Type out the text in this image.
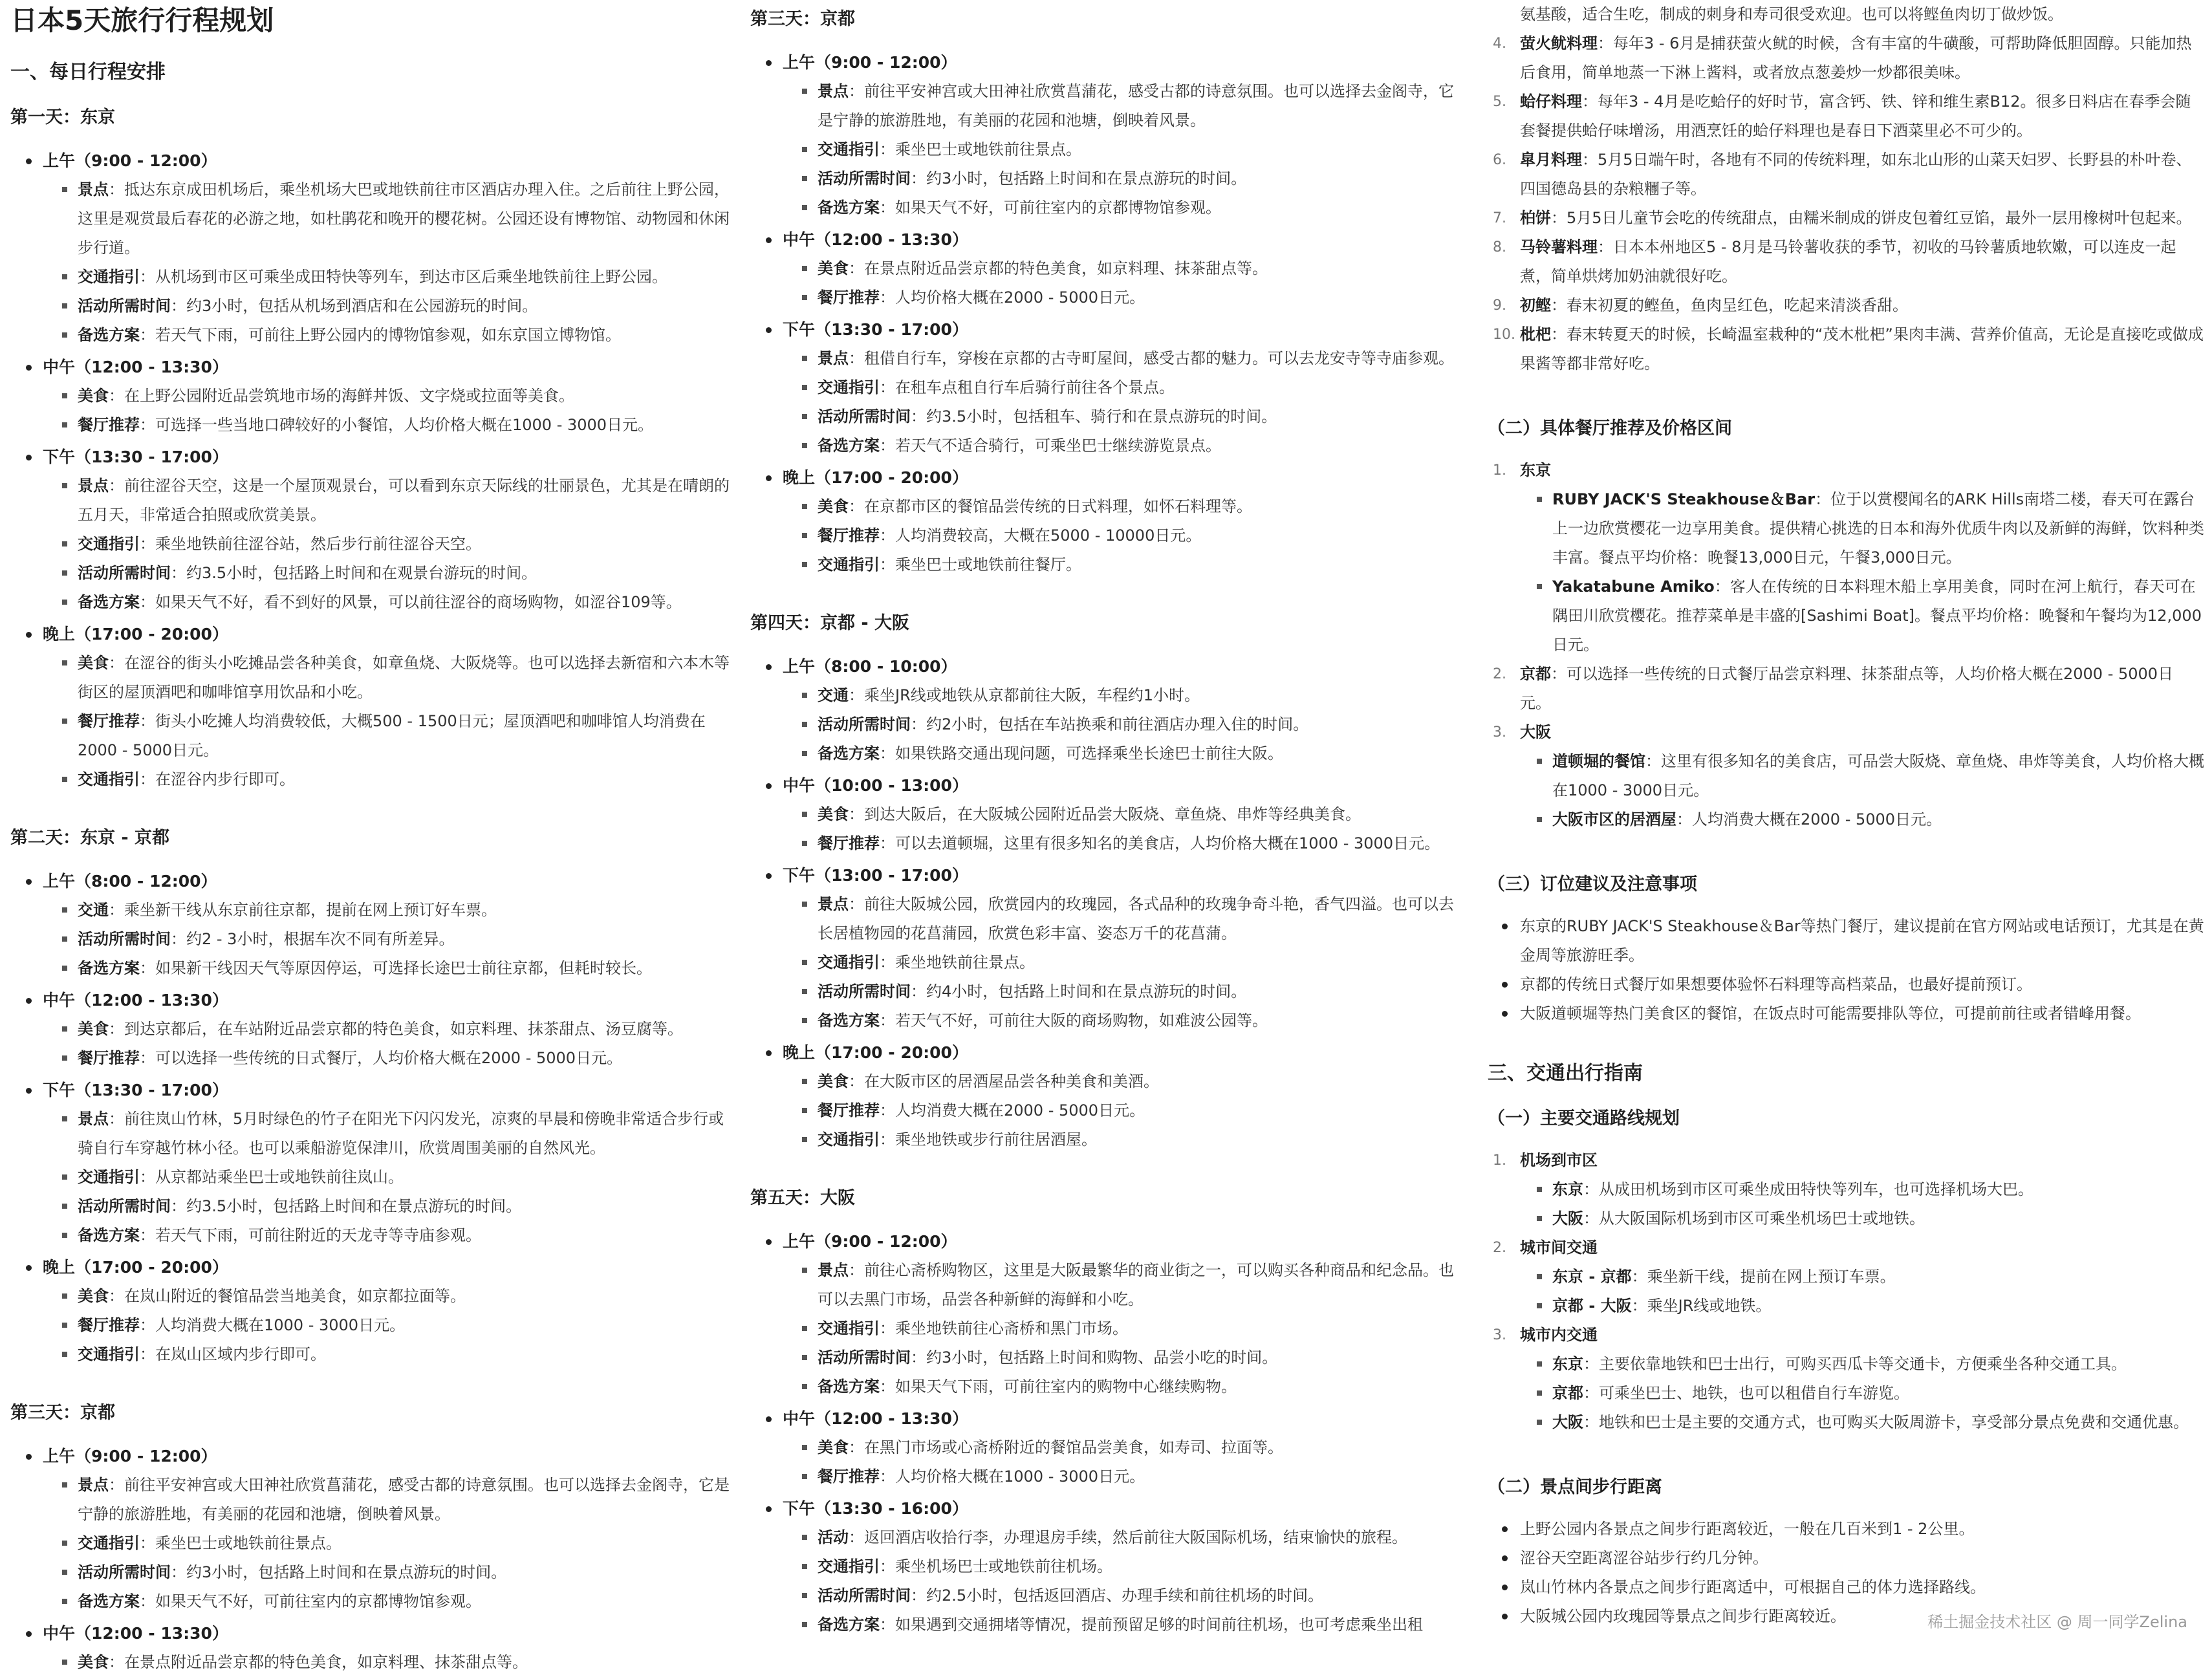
日本5天旅行行程规划
一、每日行程安排
第一天：东京
上午（9:00 - 12:00）
景点：抵达东京成田机场后，乘坐机场大巴或地铁前往市区酒店办理入住。之后前往上野公园，这里是观赏最后春花的必游之地，如杜鹃花和晚开的樱花树。公园还设有博物馆、动物园和休闲步行道。
交通指引：从机场到市区可乘坐成田特快等列车，到达市区后乘坐地铁前往上野公园。
活动所需时间：约3小时，包括从机场到酒店和在公园游玩的时间。
备选方案：若天气下雨，可前往上野公园内的博物馆参观，如东京国立博物馆。
中午（12:00 - 13:30）
美食：在上野公园附近品尝筑地市场的海鲜丼饭、文字烧或拉面等美食。
餐厅推荐：可选择一些当地口碑较好的小餐馆，人均价格大概在1000 - 3000日元。
下午（13:30 - 17:00）
景点：前往涩谷天空，这是一个屋顶观景台，可以看到东京天际线的壮丽景色，尤其是在晴朗的五月天，非常适合拍照或欣赏美景。
交通指引：乘坐地铁前往涩谷站，然后步行前往涩谷天空。
活动所需时间：约3.5小时，包括路上时间和在观景台游玩的时间。
备选方案：如果天气不好，看不到好的风景，可以前往涩谷的商场购物，如涩谷109等。
晚上（17:00 - 20:00）
美食：在涩谷的街头小吃摊品尝各种美食，如章鱼烧、大阪烧等。也可以选择去新宿和六本木等街区的屋顶酒吧和咖啡馆享用饮品和小吃。
餐厅推荐：街头小吃摊人均消费较低，大概500 - 1500日元；屋顶酒吧和咖啡馆人均消费在2000 - 5000日元。
交通指引：在涩谷内步行即可。
第二天：东京 - 京都
上午（8:00 - 12:00）
交通：乘坐新干线从东京前往京都，提前在网上预订好车票。
活动所需时间：约2 - 3小时，根据车次不同有所差异。
备选方案：如果新干线因天气等原因停运，可选择长途巴士前往京都，但耗时较长。
中午（12:00 - 13:30）
美食：到达京都后，在车站附近品尝京都的特色美食，如京料理、抹茶甜点、汤豆腐等。
餐厅推荐：可以选择一些传统的日式餐厅，人均价格大概在2000 - 5000日元。
下午（13:30 - 17:00）
景点：前往岚山竹林，5月时绿色的竹子在阳光下闪闪发光，凉爽的早晨和傍晚非常适合步行或骑自行车穿越竹林小径。也可以乘船游览保津川，欣赏周围美丽的自然风光。
交通指引：从京都站乘坐巴士或地铁前往岚山。
活动所需时间：约3.5小时，包括路上时间和在景点游玩的时间。
备选方案：若天气下雨，可前往附近的天龙寺等寺庙参观。
晚上（17:00 - 20:00）
美食：在岚山附近的餐馆品尝当地美食，如京都拉面等。
餐厅推荐：人均消费大概在1000 - 3000日元。
交通指引：在岚山区域内步行即可。
第三天：京都
上午（9:00 - 12:00）
景点：前往平安神宫或大田神社欣赏菖蒲花，感受古都的诗意氛围。也可以选择去金阁寺，它是宁静的旅游胜地，有美丽的花园和池塘，倒映着风景。
交通指引：乘坐巴士或地铁前往景点。
活动所需时间：约3小时，包括路上时间和在景点游玩的时间。
备选方案：如果天气不好，可前往室内的京都博物馆参观。
中午（12:00 - 13:30）
美食：在景点附近品尝京都的特色美食，如京料理、抹茶甜点等。
第三天：京都
上午（9:00 - 12:00）
景点：前往平安神宫或大田神社欣赏菖蒲花，感受古都的诗意氛围。也可以选择去金阁寺，它是宁静的旅游胜地，有美丽的花园和池塘，倒映着风景。
交通指引：乘坐巴士或地铁前往景点。
活动所需时间：约3小时，包括路上时间和在景点游玩的时间。
备选方案：如果天气不好，可前往室内的京都博物馆参观。
中午（12:00 - 13:30）
美食：在景点附近品尝京都的特色美食，如京料理、抹茶甜点等。
餐厅推荐：人均价格大概在2000 - 5000日元。
下午（13:30 - 17:00）
景点：租借自行车，穿梭在京都的古寺町屋间，感受古都的魅力。可以去龙安寺等寺庙参观。
交通指引：在租车点租自行车后骑行前往各个景点。
活动所需时间：约3.5小时，包括租车、骑行和在景点游玩的时间。
备选方案：若天气不适合骑行，可乘坐巴士继续游览景点。
晚上（17:00 - 20:00）
美食：在京都市区的餐馆品尝传统的日式料理，如怀石料理等。
餐厅推荐：人均消费较高，大概在5000 - 10000日元。
交通指引：乘坐巴士或地铁前往餐厅。
第四天：京都 - 大阪
上午（8:00 - 10:00）
交通：乘坐JR线或地铁从京都前往大阪，车程约1小时。
活动所需时间：约2小时，包括在车站换乘和前往酒店办理入住的时间。
备选方案：如果铁路交通出现问题，可选择乘坐长途巴士前往大阪。
中午（10:00 - 13:00）
美食：到达大阪后，在大阪城公园附近品尝大阪烧、章鱼烧、串炸等经典美食。
餐厅推荐：可以去道顿堀，这里有很多知名的美食店，人均价格大概在1000 - 3000日元。
下午（13:00 - 17:00）
景点：前往大阪城公园，欣赏园内的玫瑰园，各式品种的玫瑰争奇斗艳，香气四溢。也可以去长居植物园的花菖蒲园，欣赏色彩丰富、姿态万千的花菖蒲。
交通指引：乘坐地铁前往景点。
活动所需时间：约4小时，包括路上时间和在景点游玩的时间。
备选方案：若天气不好，可前往大阪的商场购物，如难波公园等。
晚上（17:00 - 20:00）
美食：在大阪市区的居酒屋品尝各种美食和美酒。
餐厅推荐：人均消费大概在2000 - 5000日元。
交通指引：乘坐地铁或步行前往居酒屋。
第五天：大阪
上午（9:00 - 12:00）
景点：前往心斋桥购物区，这里是大阪最繁华的商业街之一，可以购买各种商品和纪念品。也可以去黑门市场，品尝各种新鲜的海鲜和小吃。
交通指引：乘坐地铁前往心斋桥和黑门市场。
活动所需时间：约3小时，包括路上时间和购物、品尝小吃的时间。
备选方案：如果天气下雨，可前往室内的购物中心继续购物。
中午（12:00 - 13:30）
美食：在黑门市场或心斋桥附近的餐馆品尝美食，如寿司、拉面等。
餐厅推荐：人均价格大概在1000 - 3000日元。
下午（13:30 - 16:00）
活动：返回酒店收拾行李，办理退房手续，然后前往大阪国际机场，结束愉快的旅程。
交通指引：乘坐机场巴士或地铁前往机场。
活动所需时间：约2.5小时，包括返回酒店、办理手续和前往机场的时间。
备选方案：如果遇到交通拥堵等情况，提前预留足够的时间前往机场，也可考虑乘坐出租
氨基酸，适合生吃，制成的刺身和寿司很受欢迎。也可以将鲣鱼肉切丁做炒饭。
4. 萤火鱿料理：每年3 - 6月是捕获萤火鱿的时候，含有丰富的牛磺酸，可帮助降低胆固醇。只能加热后食用，简单地蒸一下淋上酱料，或者放点葱姜炒一炒都很美味。
5. 蛤仔料理：每年3 - 4月是吃蛤仔的好时节，富含钙、铁、锌和维生素B12。很多日料店在春季会随套餐提供蛤仔味增汤，用酒烹饪的蛤仔料理也是春日下酒菜里必不可少的。
6. 皐月料理：5月5日端午时，各地有不同的传统料理，如东北山形的山菜天妇罗、长野县的朴叶卷、四国德岛县的杂粮糰子等。
7. 柏饼：5月5日儿童节会吃的传统甜点，由糯米制成的饼皮包着红豆馅，最外一层用橡树叶包起来。
8. 马铃薯料理：日本本州地区5 - 8月是马铃薯收获的季节，初收的马铃薯质地软嫩，可以连皮一起煮，简单烘烤加奶油就很好吃。
9. 初鲣：春末初夏的鲣鱼，鱼肉呈红色，吃起来清淡香甜。
10. 枇杷：春末转夏天的时候，长崎温室栽种的“茂木枇杷”果肉丰满、营养价值高，无论是直接吃或做成果酱等都非常好吃。
（二）具体餐厅推荐及价格区间
1. 东京
RUBY JACK'S Steakhouse＆Bar：位于以赏樱闻名的ARK Hills南塔二楼，春天可在露台上一边欣赏樱花一边享用美食。提供精心挑选的日本和海外优质牛肉以及新鲜的海鲜，饮料种类丰富。餐点平均价格：晚餐13,000日元，午餐3,000日元。
Yakatabune Amiko：客人在传统的日本料理木船上享用美食，同时在河上航行，春天可在隅田川欣赏樱花。推荐菜单是丰盛的[Sashimi Boat]。餐点平均价格：晚餐和午餐均为12,000日元。
2. 京都：可以选择一些传统的日式餐厅品尝京料理、抹茶甜点等，人均价格大概在2000 - 5000日元。
3. 大阪
道顿堀的餐馆：这里有很多知名的美食店，可品尝大阪烧、章鱼烧、串炸等美食，人均价格大概在1000 - 3000日元。
大阪市区的居酒屋：人均消费大概在2000 - 5000日元。
（三）订位建议及注意事项
东京的RUBY JACK'S Steakhouse＆Bar等热门餐厅，建议提前在官方网站或电话预订，尤其是在黄金周等旅游旺季。
京都的传统日式餐厅如果想要体验怀石料理等高档菜品，也最好提前预订。
大阪道顿堀等热门美食区的餐馆，在饭点时可能需要排队等位，可提前前往或者错峰用餐。
三、交通出行指南
（一）主要交通路线规划
1. 机场到市区
东京：从成田机场到市区可乘坐成田特快等列车，也可选择机场大巴。
大阪：从大阪国际机场到市区可乘坐机场巴士或地铁。
2. 城市间交通
东京 - 京都：乘坐新干线，提前在网上预订车票。
京都 - 大阪：乘坐JR线或地铁。
3. 城市内交通
东京：主要依靠地铁和巴士出行，可购买西瓜卡等交通卡，方便乘坐各种交通工具。
京都：可乘坐巴士、地铁，也可以租借自行车游览。
大阪：地铁和巴士是主要的交通方式，也可购买大阪周游卡，享受部分景点免费和交通优惠。
（二）景点间步行距离
上野公园内各景点之间步行距离较近，一般在几百米到1 - 2公里。
涩谷天空距离涩谷站步行约几分钟。
岚山竹林内各景点之间步行距离适中，可根据自己的体力选择路线。
大阪城公园内玫瑰园等景点之间步行距离较近。	稀土掘金技术社区 @ 周一同学Zelina
